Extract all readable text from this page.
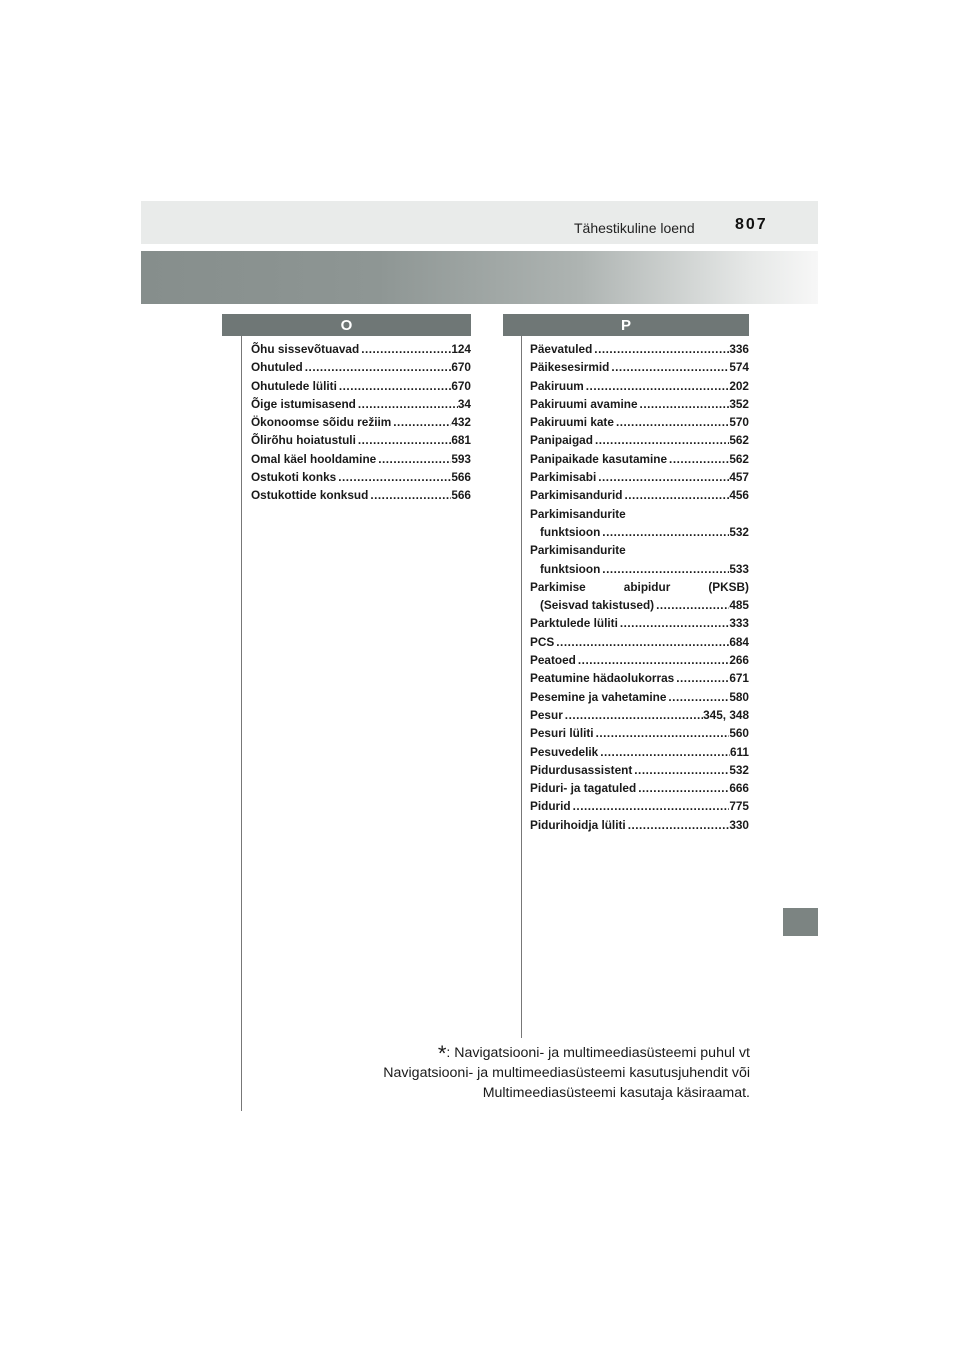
Tähestikuline loend	807
O	P
Õhu sissevõtuavad .....	124
Ohutuled .....	670
Ohutulede lüliti .....	670
Õige istumisasend .....	34
Ökonoomse sõidu režiim .....	432
Õlirõhu hoiatustuli .....	681
Omal käel hooldamine .....	593
Ostukoti konks .....	566
Ostukottide konksud .....	566
Päevatuled .....	336
Päikesesirmid .....	574
Pakiruum .....	202
Pakiruumi avamine .....	352
Pakiruumi kate .....	570
Panipaigad .....	562
Panipaikade kasutamine .....	562
Parkimisabi .....	457
Parkimisandurid .....	456
Parkimisandurite
funktsioon .....	532
Parkimisandurite
funktsioon .....	533
Parkimise	abipidur	(PKSB)
(Seisvad takistused) .....	485
Parktulede lüliti .....	333
PCS .....	684
Peatoed .....	266
Peatumine hädaolukorras .....	671
Pesemine ja vahetamine .....	580
Pesur .....	345, 348
Pesuri lüliti .....	560
Pesuvedelik .....	611
Pidurdusassistent .....	532
Piduri- ja tagatuled .....	666
Pidurid .....	775
Pidurihoidja lüliti .....	330
*: Navigatsiooni- ja multimeediasüsteemi puhul vt
Navigatsiooni- ja multimeediasüsteemi kasutusjuhendit või
Multimeediasüsteemi kasutaja käsiraamat.
